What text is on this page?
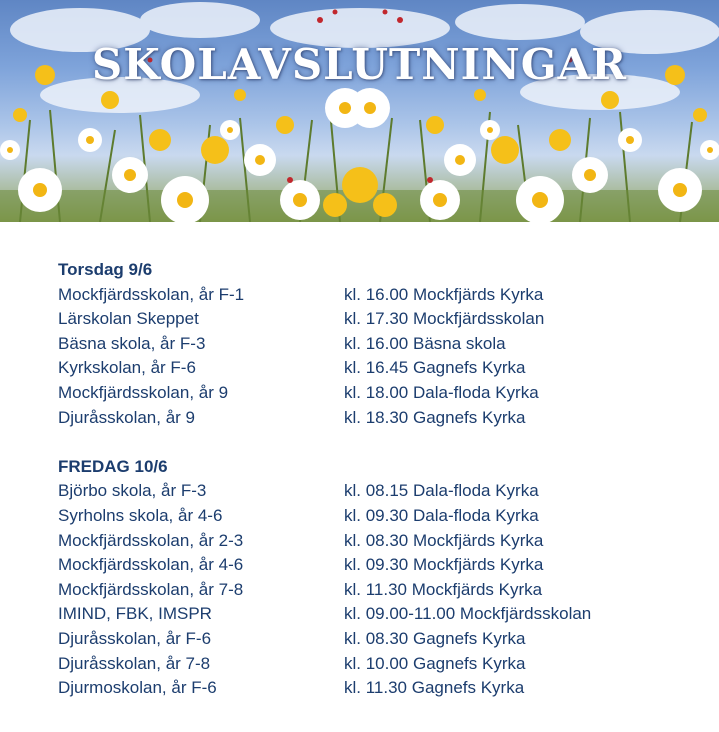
SKOLAVSLUTNINGAR
Torsdag 9/6
Mockfjärdsskolan, år F-1	kl. 16.00 Mockfjärds Kyrka
Lärskolan Skeppet	kl. 17.30 Mockfjärdsskolan
Bäsna skola, år F-3	kl. 16.00 Bäsna skola
Kyrkskolan, år F-6	kl. 16.45 Gagnefs Kyrka
Mockfjärdsskolan, år 9	kl. 18.00 Dala-floda Kyrka
Djuråsskolan, år 9	kl. 18.30 Gagnefs Kyrka
FREDAG 10/6
Björbo skola, år F-3	kl. 08.15 Dala-floda Kyrka
Syrholns skola, år 4-6	kl. 09.30 Dala-floda Kyrka
Mockfjärdsskolan, år 2-3	kl. 08.30 Mockfjärds Kyrka
Mockfjärdsskolan, år 4-6	kl. 09.30 Mockfjärds Kyrka
Mockfjärdsskolan, år 7-8	kl. 11.30 Mockfjärds Kyrka
IMIND, FBK, IMSPR	kl. 09.00-11.00 Mockfjärdsskolan
Djuråsskolan, år F-6	kl. 08.30 Gagnefs Kyrka
Djuråsskolan, år 7-8	kl. 10.00 Gagnefs Kyrka
Djurmoskolan, år F-6	kl. 11.30 Gagnefs Kyrka
